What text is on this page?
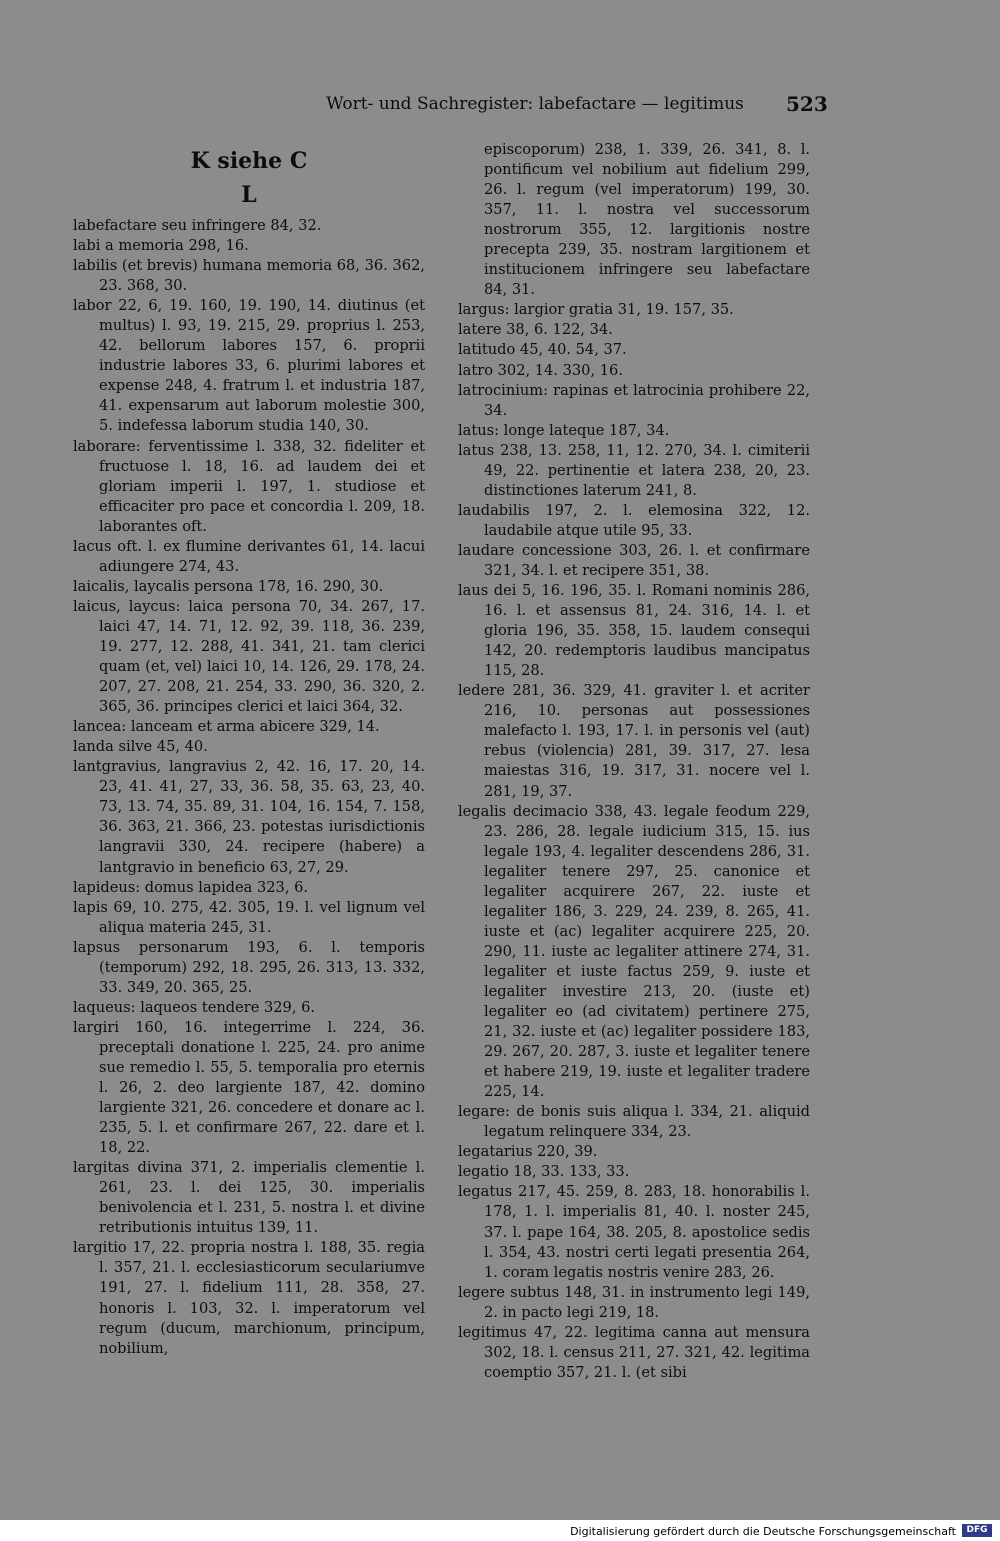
Wort- und Sachregister: labefactare — legitimus	523
K siehe C
L

labefactare seu infringere 84, 32.

labi a memoria 298, 16.

labilis (et brevis) humana memoria 68, 36. 362, 23. 368, 30.

labor 22, 6, 19. 160, 19. 190, 14. diutinus (et multus) l. 93, 19. 215, 29. proprius l. 253, 42. bellorum labores 157, 6. proprii industrie labores 33, 6. plurimi labores et expense 248, 4. fratrum l. et industria 187, 41. expensarum aut laborum molestie 300, 5. indefessa laborum studia 140, 30.

laborare: ferventissime l. 338, 32. fideliter et fructuose l. 18, 16. ad laudem dei et gloriam imperii l. 197, 1. studiose et efficaciter pro pace et concordia l. 209, 18. laborantes oft.

lacus oft. l. ex flumine derivantes 61, 14. lacui adiungere 274, 43.

laicalis, laycalis persona 178, 16. 290, 30.

laicus, laycus: laica persona 70, 34. 267, 17. laici 47, 14. 71, 12. 92, 39. 118, 36. 239, 19. 277, 12. 288, 41. 341, 21. tam clerici quam (et, vel) laici 10, 14. 126, 29. 178, 24. 207, 27. 208, 21. 254, 33. 290, 36. 320, 2. 365, 36. principes clerici et laici 364, 32.

lancea: lanceam et arma abicere 329, 14.

landa silve 45, 40.

lantgravius, langravius 2, 42. 16, 17. 20, 14. 23, 41. 41, 27, 33, 36. 58, 35. 63, 23, 40. 73, 13. 74, 35. 89, 31. 104, 16. 154, 7. 158, 36. 363, 21. 366, 23. potestas iurisdictionis langravii 330, 24. recipere (habere) a lantgravio in beneficio 63, 27, 29.

lapideus: domus lapidea 323, 6.

lapis 69, 10. 275, 42. 305, 19. l. vel lignum vel aliqua materia 245, 31.

lapsus personarum 193, 6. l. temporis (temporum) 292, 18. 295, 26. 313, 13. 332, 33. 349, 20. 365, 25.

laqueus: laqueos tendere 329, 6.

largiri 160, 16. integerrime l. 224, 36. preceptali donatione l. 225, 24. pro anime sue remedio l. 55, 5. temporalia pro eternis l. 26, 2. deo largiente 187, 42. domino largiente 321, 26. concedere et donare ac l. 235, 5. l. et confirmare 267, 22. dare et l. 18, 22.

largitas divina 371, 2. imperialis clementie l. 261, 23. l. dei 125, 30. imperialis benivolencia et l. 231, 5. nostra l. et divine retributionis intuitus 139, 11.

largitio 17, 22. propria nostra l. 188, 35. regia l. 357, 21. l. ecclesiasticorum seculariumve 191, 27. l. fidelium 111, 28. 358, 27. honoris l. 103, 32. l. imperatorum vel regum (ducum, marchionum, principum, nobilium,

episcoporum) 238, 1. 339, 26. 341, 8. l. pontificum vel nobilium aut fidelium 299, 26. l. regum (vel imperatorum) 199, 30. 357, 11. l. nostra vel successorum nostrorum 355, 12. largitionis nostre precepta 239, 35. nostram largitionem et institucionem infringere seu labefactare 84, 31.

largus: largior gratia 31, 19. 157, 35.

latere 38, 6. 122, 34.

latitudo 45, 40. 54, 37.

latro 302, 14. 330, 16.

latrocinium: rapinas et latrocinia prohibere 22, 34.

latus: longe lateque 187, 34.

latus 238, 13. 258, 11, 12. 270, 34. l. cimiterii 49, 22. pertinentie et latera 238, 20, 23. distinctiones laterum 241, 8.

laudabilis 197, 2. l. elemosina 322, 12. laudabile atque utile 95, 33.

laudare concessione 303, 26. l. et confirmare 321, 34. l. et recipere 351, 38.

laus dei 5, 16. 196, 35. l. Romani nominis 286, 16. l. et assensus 81, 24. 316, 14. l. et gloria 196, 35. 358, 15. laudem consequi 142, 20. redemptoris laudibus mancipatus 115, 28.

ledere 281, 36. 329, 41. graviter l. et acriter 216, 10. personas aut possessiones malefacto l. 193, 17. l. in personis vel (aut) rebus (violencia) 281, 39. 317, 27. lesa maiestas 316, 19. 317, 31. nocere vel l. 281, 19, 37.

legalis decimacio 338, 43. legale feodum 229, 23. 286, 28. legale iudicium 315, 15. ius legale 193, 4. legaliter descendens 286, 31. legaliter tenere 297, 25. canonice et legaliter acquirere 267, 22. iuste et legaliter 186, 3. 229, 24. 239, 8. 265, 41. iuste et (ac) legaliter acquirere 225, 20. 290, 11. iuste ac legaliter attinere 274, 31. legaliter et iuste factus 259, 9. iuste et legaliter investire 213, 20. (iuste et) legaliter eo (ad civitatem) pertinere 275, 21, 32. iuste et (ac) legaliter possidere 183, 29. 267, 20. 287, 3. iuste et legaliter tenere et habere 219, 19. iuste et legaliter tradere 225, 14.

legare: de bonis suis aliqua l. 334, 21. aliquid legatum relinquere 334, 23.

legatarius 220, 39.

legatio 18, 33. 133, 33.

legatus 217, 45. 259, 8. 283, 18. honorabilis l. 178, 1. l. imperialis 81, 40. l. noster 245, 37. l. pape 164, 38. 205, 8. apostolice sedis l. 354, 43. nostri certi legati presentia 264, 1. coram legatis nostris venire 283, 26.

legere subtus 148, 31. in instrumento legi 149, 2. in pacto legi 219, 18.

legitimus 47, 22. legitima canna aut mensura 302, 18. l. census 211, 27. 321, 42. legitima coemptio 357, 21. l. (et sibi

Digitalisierung gefördert durch die Deutsche Forschungsgemeinschaft	DFG
